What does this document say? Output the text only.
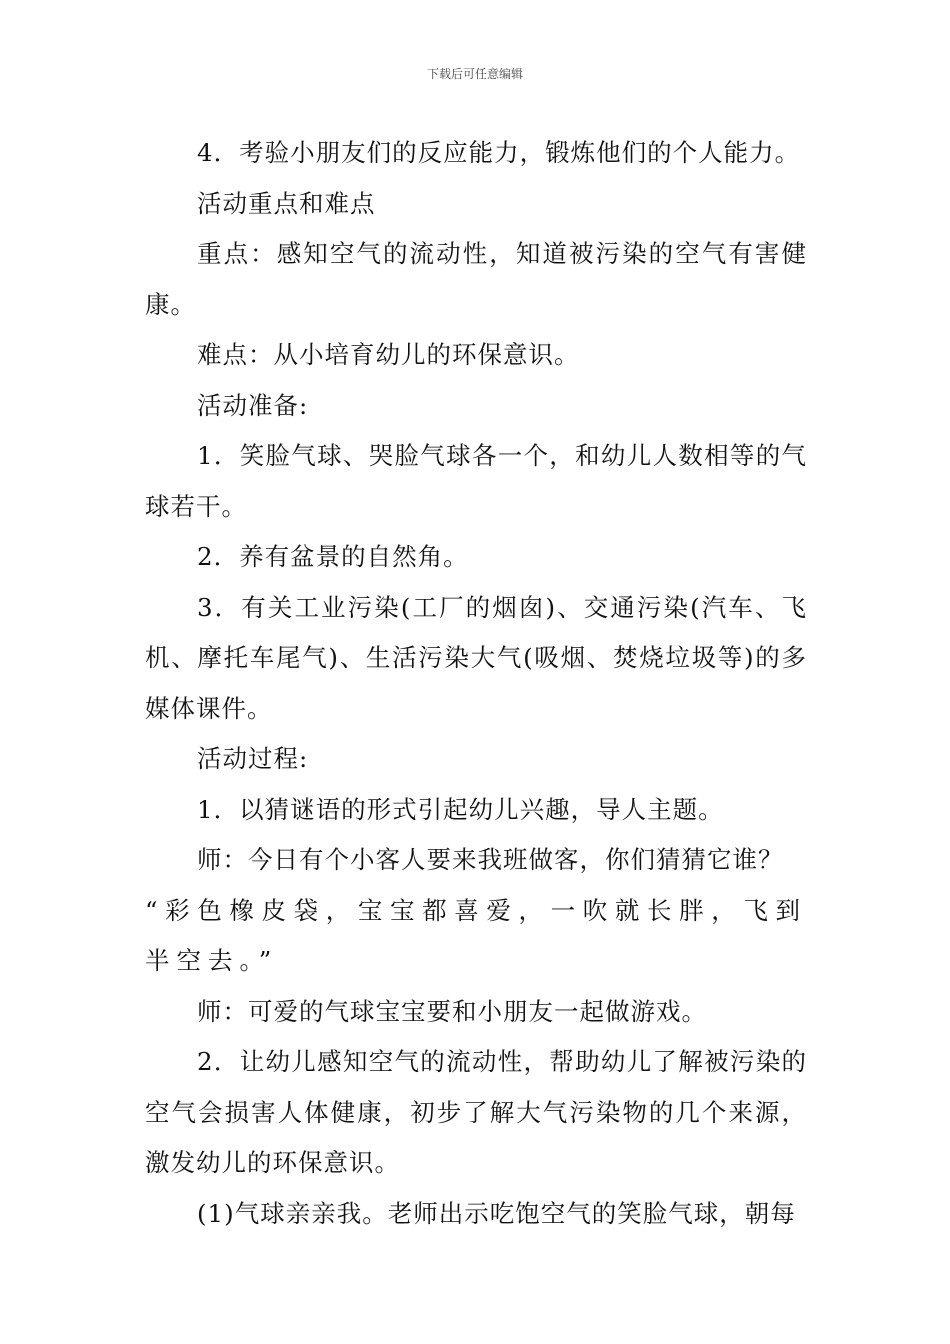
下载后可任意编辑

4．考验小朋友们的反应能力，锻炼他们的个人能力。

活动重点和难点

重点：感知空气的流动性，知道被污染的空气有害健康。

难点：从小培育幼儿的环保意识。

活动准备:

1．笑脸气球、哭脸气球各一个，和幼儿人数相等的气球若干。

2．养有盆景的自然角。

3．有关工业污染(工厂的烟囱)、交通污染(汽车、飞机、摩托车尾气)、生活污染大气(吸烟、焚烧垃圾等)的多媒体课件。

活动过程:

1．以猜谜语的形式引起幼儿兴趣，导人主题。

师：今日有个小客人要来我班做客，你们猜猜它谁？

“彩色橡皮袋，宝宝都喜爱，一吹就长胖，飞到半空去。”

师：可爱的气球宝宝要和小朋友一起做游戏。

2．让幼儿感知空气的流动性，帮助幼儿了解被污染的空气会损害人体健康，初步了解大气污染物的几个来源，激发幼儿的环保意识。

(1)气球亲亲我。老师出示吃饱空气的笑脸气球，朝每
